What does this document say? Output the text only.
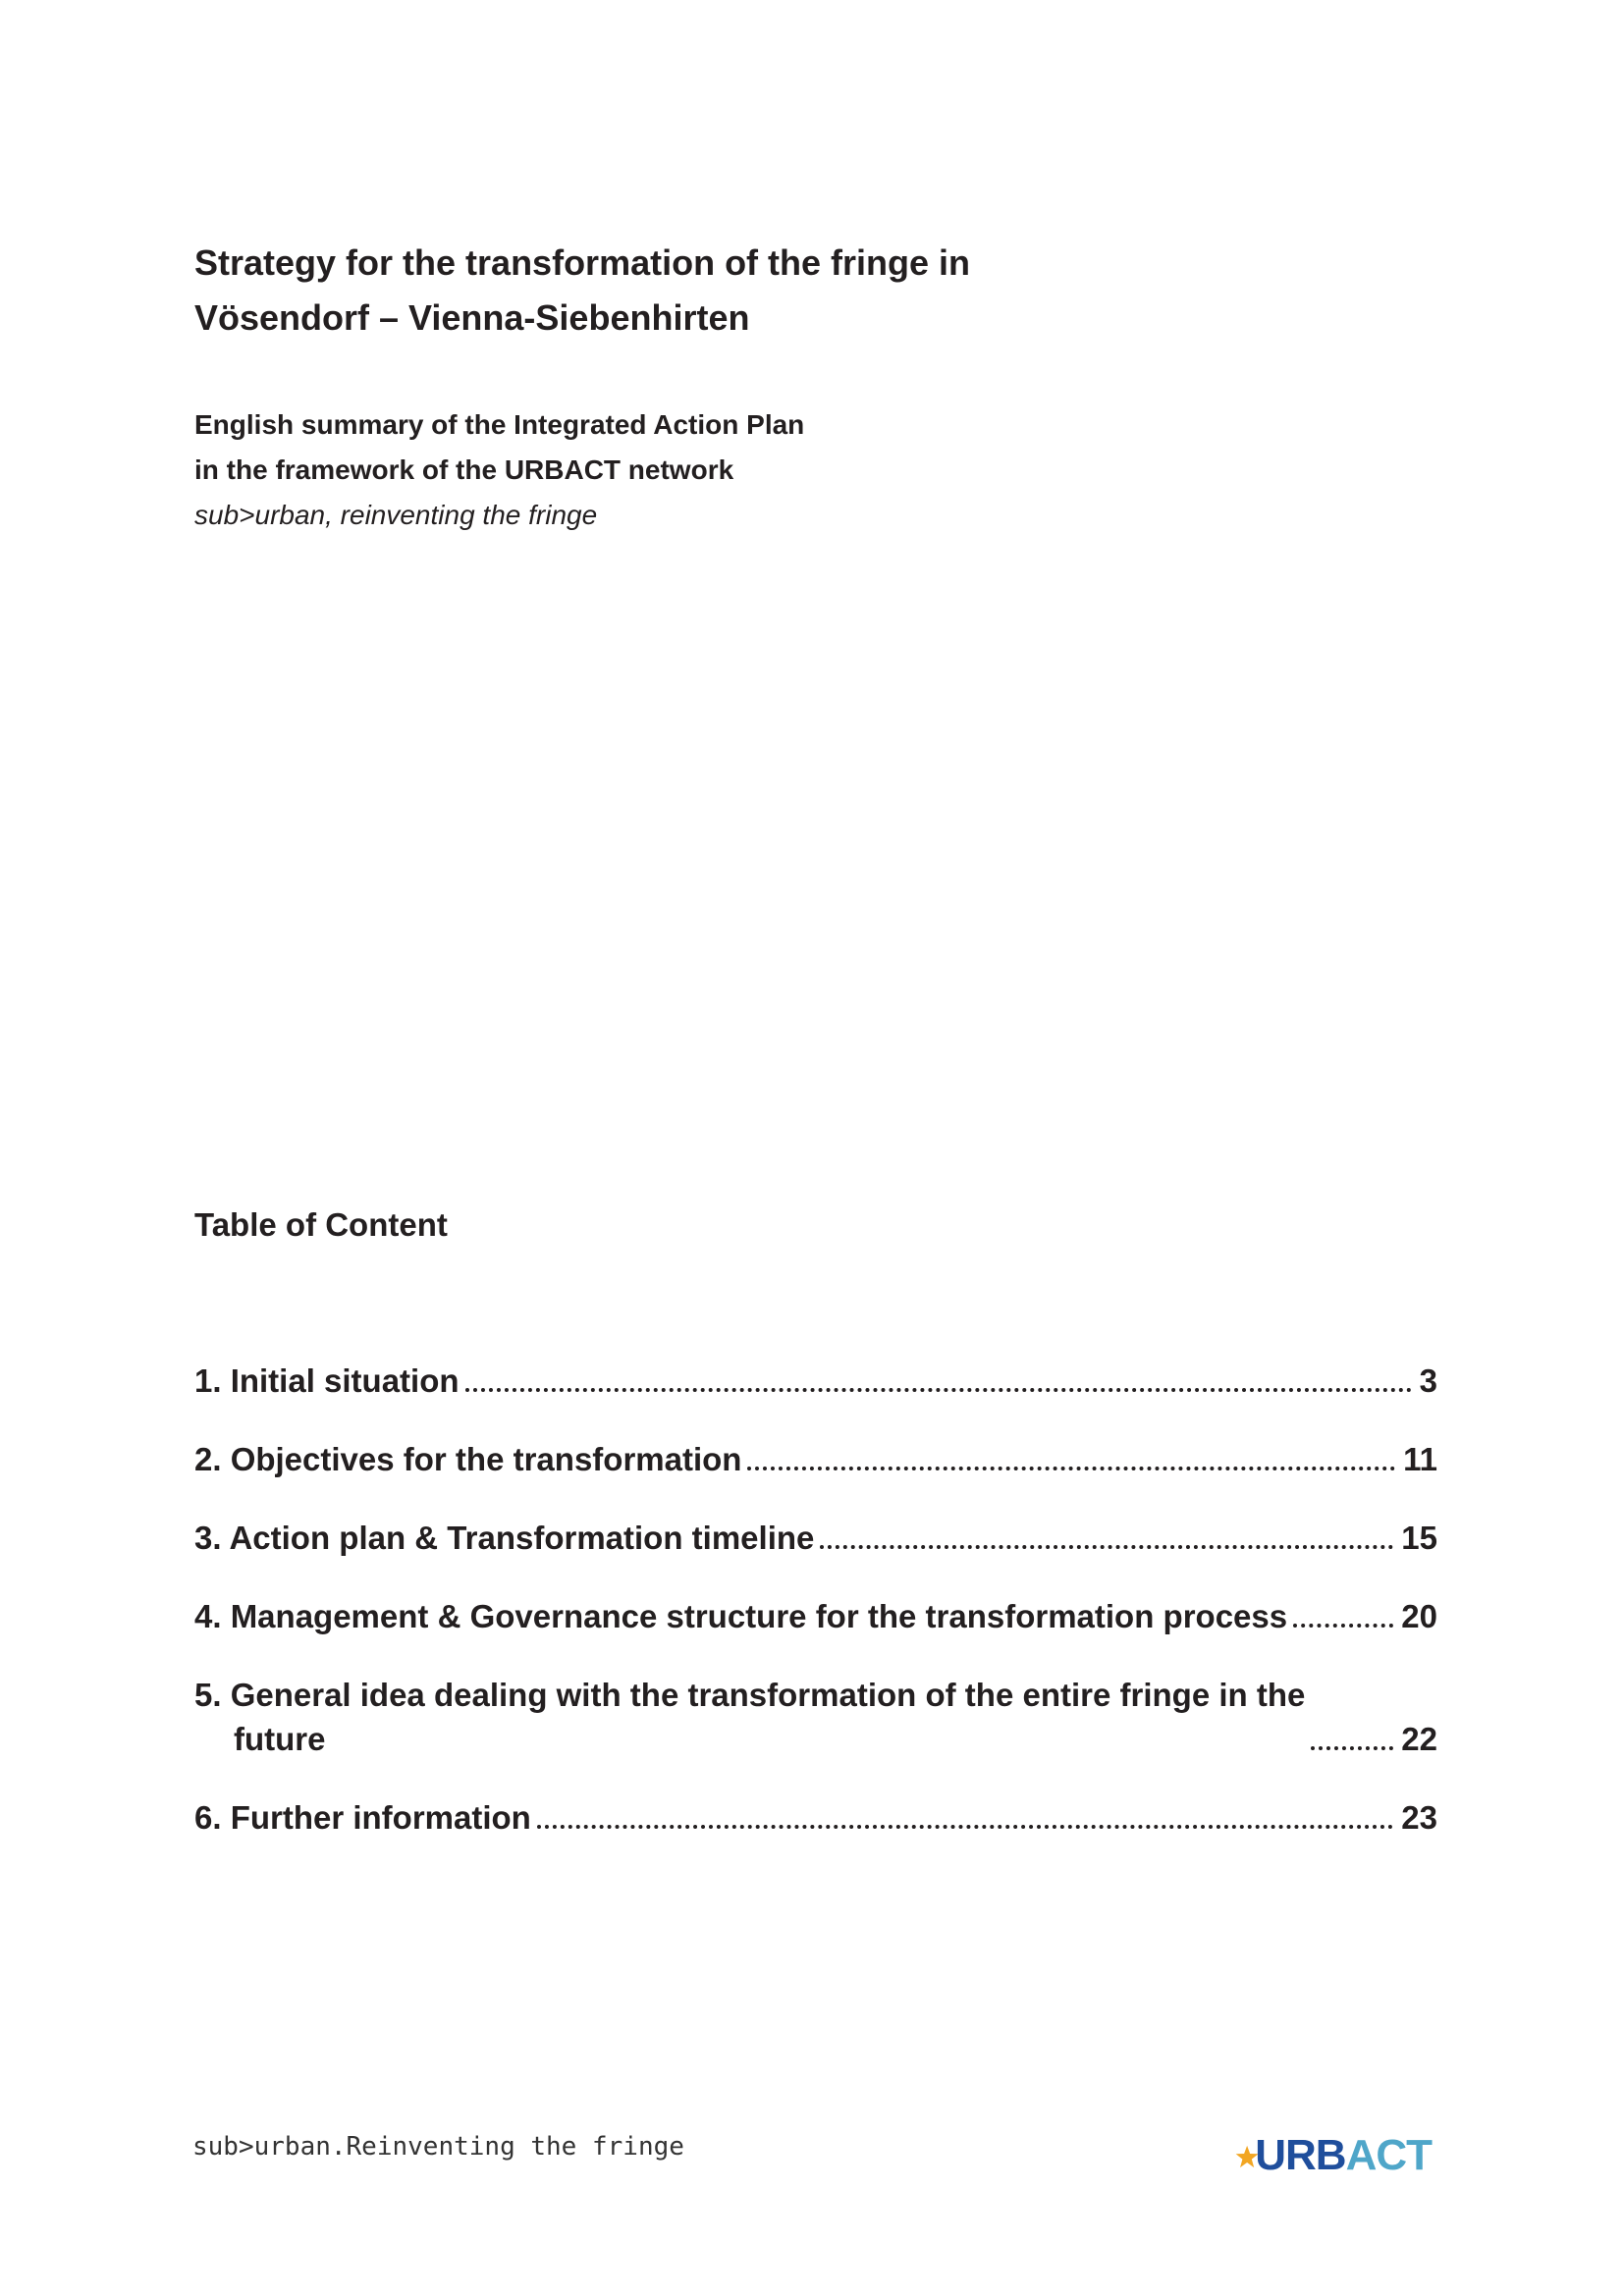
Strategy for the transformation of the fringe in
Vösendorf – Vienna-Siebenhirten
English summary of the Integrated Action Plan
in the framework of the URBACT network
sub>urban, reinventing the fringe
Table of Content
1. Initial situation	3
2. Objectives for the transformation	11
3. Action plan & Transformation timeline	15
4. Management & Governance structure for the transformation process	20
5. General idea dealing with the transformation of the entire fringe in the
future	22
6. Further information	23

sub>urban.Reinventing the fringe	URBACT
